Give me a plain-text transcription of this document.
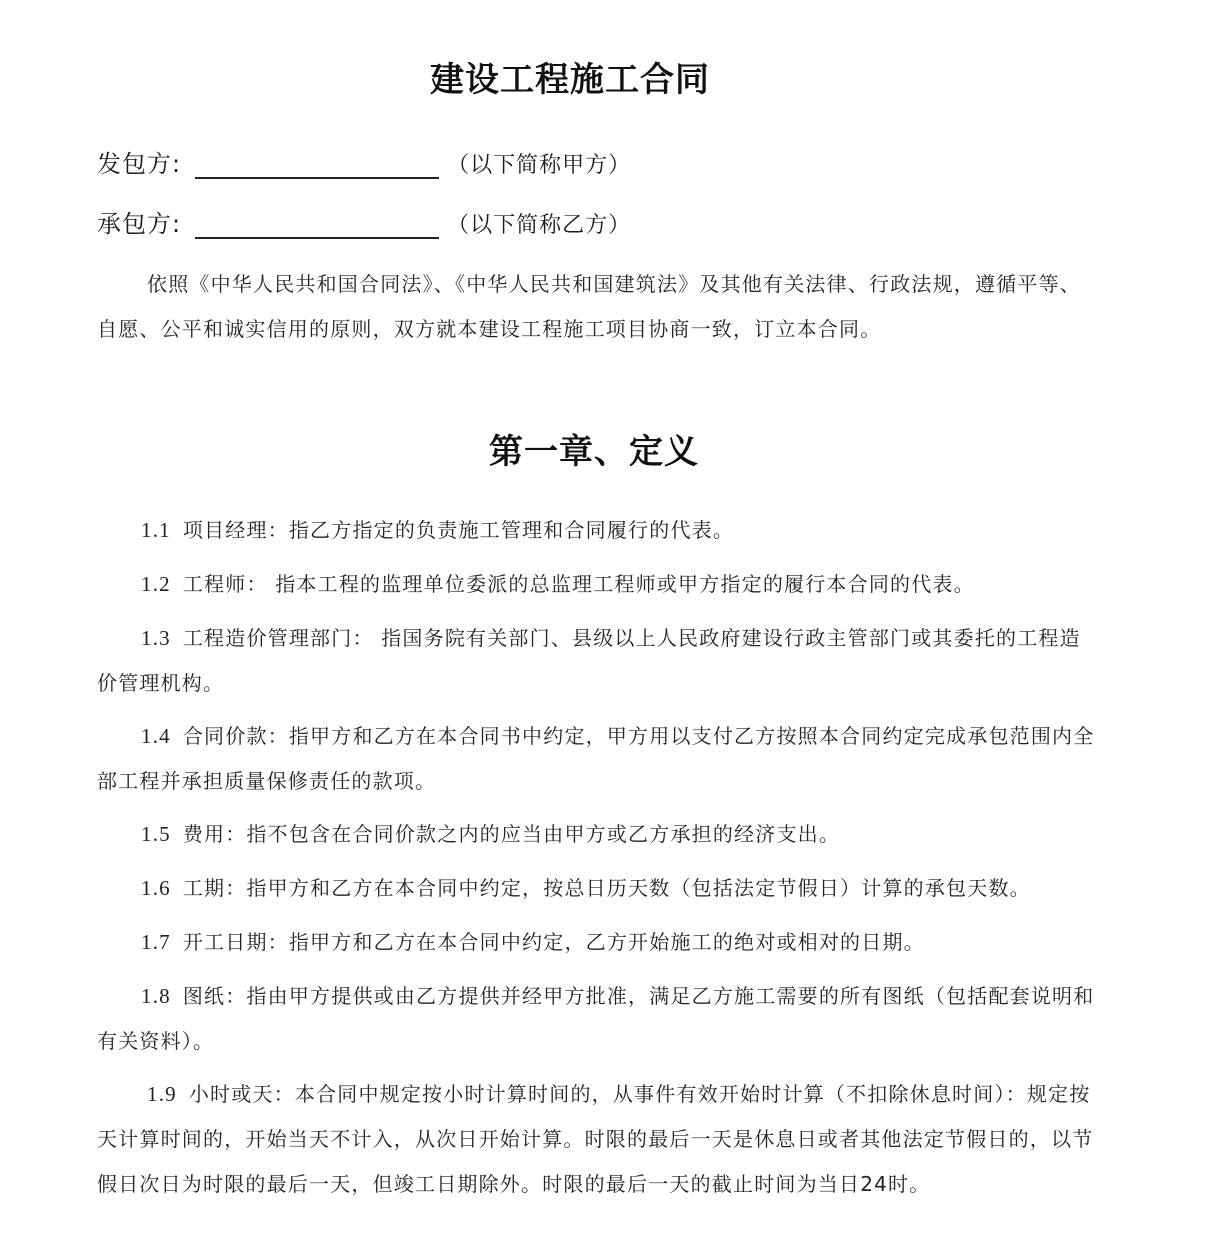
建设工程施工合同
发包方:	（以下简称甲方）
承包方:	（以下简称乙方）

依照《中华人民共和国合同法》、《中华人民共和国建筑法》及其他有关法律、行政法规，遵循平等、自愿、公平和诚实信用的原则，双方就本建设工程施工项目协商一致，订立本合同。

第一章、定义

1.1 项目经理：指乙方指定的负责施工管理和合同履行的代表。

1.2 工程师： 指本工程的监理单位委派的总监理工程师或甲方指定的履行本合同的代表。

1.3 工程造价管理部门： 指国务院有关部门、县级以上人民政府建设行政主管部门或其委托的工程造价管理机构。

1.4 合同价款：指甲方和乙方在本合同书中约定，甲方用以支付乙方按照本合同约定完成承包范围内全部工程并承担质量保修责任的款项。

1.5 费用：指不包含在合同价款之内的应当由甲方或乙方承担的经济支出。

1.6 工期：指甲方和乙方在本合同中约定，按总日历天数（包括法定节假日）计算的承包天数。

1.7 开工日期：指甲方和乙方在本合同中约定，乙方开始施工的绝对或相对的日期。

1.8 图纸：指由甲方提供或由乙方提供并经甲方批准，满足乙方施工需要的所有图纸（包括配套说明和有关资料）。

1.9 小时或天：本合同中规定按小时计算时间的，从事件有效开始时计算（不扣除休息时间）：规定按天计算时间的，开始当天不计入，从次日开始计算。时限的最后一天是休息日或者其他法定节假日的，以节假日次日为时限的最后一天，但竣工日期除外。时限的最后一天的截止时间为当日24时。
